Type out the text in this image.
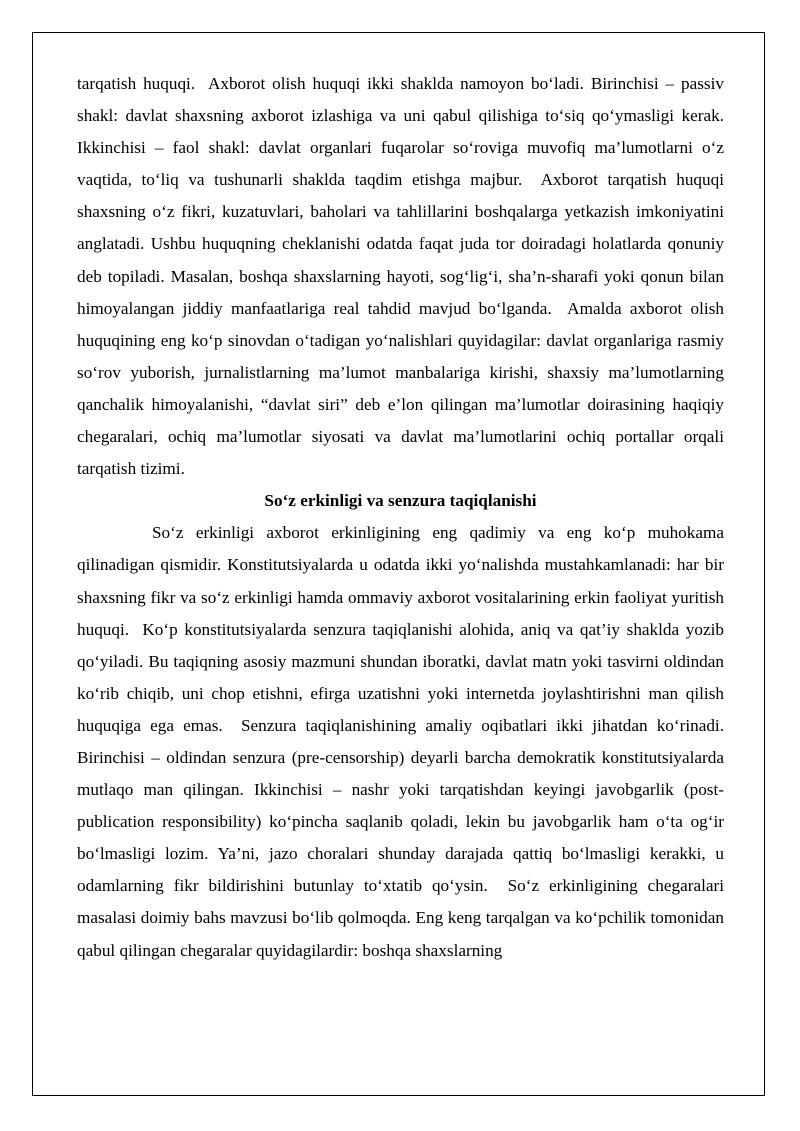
tarqatish huquqi.  Axborot olish huquqi ikki shaklda namoyon bo‘ladi. Birinchisi – passiv shakl: davlat shaxsning axborot izlashiga va uni qabul qilishiga to‘siq qo‘ymasligi kerak. Ikkinchisi – faol shakl: davlat organlari fuqarolar so‘roviga muvofiq ma’lumotlarni o‘z vaqtida, to‘liq va tushunarli shaklda taqdim etishga majbur.  Axborot tarqatish huquqi shaxsning o‘z fikri, kuzatuvlari, baholari va tahlillarini boshqalarga yetkazish imkoniyatini anglatadi. Ushbu huquqning cheklanishi odatda faqat juda tor doiradagi holatlarda qonuniy deb topiladi. Masalan, boshqa shaxslarning hayoti, sog‘lig‘i, sha’n-sharafi yoki qonun bilan himoyalangan jiddiy manfaatlariga real tahdid mavjud bo‘lganda.  Amalda axborot olish huquqining eng ko‘p sinovdan o‘tadigan yo‘nalishlari quyidagilar: davlat organlariga rasmiy so‘rov yuborish, jurnalistlarning ma’lumot manbalariga kirishi, shaxsiy ma’lumotlarning qanchalik himoyalanishi, “davlat siri” deb e’lon qilingan ma’lumotlar doirasining haqiqiy chegaralari, ochiq ma’lumotlar siyosati va davlat ma’lumotlarini ochiq portallar orqali tarqatish tizimi.

So‘z erkinligi va senzura taqiqlanishi

So‘z erkinligi axborot erkinligining eng qadimiy va eng ko‘p muhokama qilinadigan qismidir. Konstitutsiyalarda u odatda ikki yo‘nalishda mustahkamlanadi: har bir shaxsning fikr va so‘z erkinligi hamda ommaviy axborot vositalarining erkin faoliyat yuritish huquqi.  Ko‘p konstitutsiyalarda senzura taqiqlanishi alohida, aniq va qat’iy shaklda yozib qo‘yiladi. Bu taqiqning asosiy mazmuni shundan iboratki, davlat matn yoki tasvirni oldindan ko‘rib chiqib, uni chop etishni, efirga uzatishni yoki internetda joylashtirishni man qilish huquqiga ega emas.  Senzura taqiqlanishining amaliy oqibatlari ikki jihatdan ko‘rinadi. Birinchisi – oldindan senzura (pre-censorship) deyarli barcha demokratik konstitutsiyalarda mutlaqo man qilingan. Ikkinchisi – nashr yoki tarqatishdan keyingi javobgarlik (post-publication responsibility) ko‘pincha saqlanib qoladi, lekin bu javobgarlik ham o‘ta og‘ir bo‘lmasligi lozim. Ya’ni, jazo choralari shunday darajada qattiq bo‘lmasligi kerakki, u odamlarning fikr bildirishini butunlay to‘xtatib qo‘ysin.  So‘z erkinligining chegaralari masalasi doimiy bahs mavzusi bo‘lib qolmoqda. Eng keng tarqalgan va ko‘pchilik tomonidan qabul qilingan chegaralar quyidagilardir: boshqa shaxslarning
